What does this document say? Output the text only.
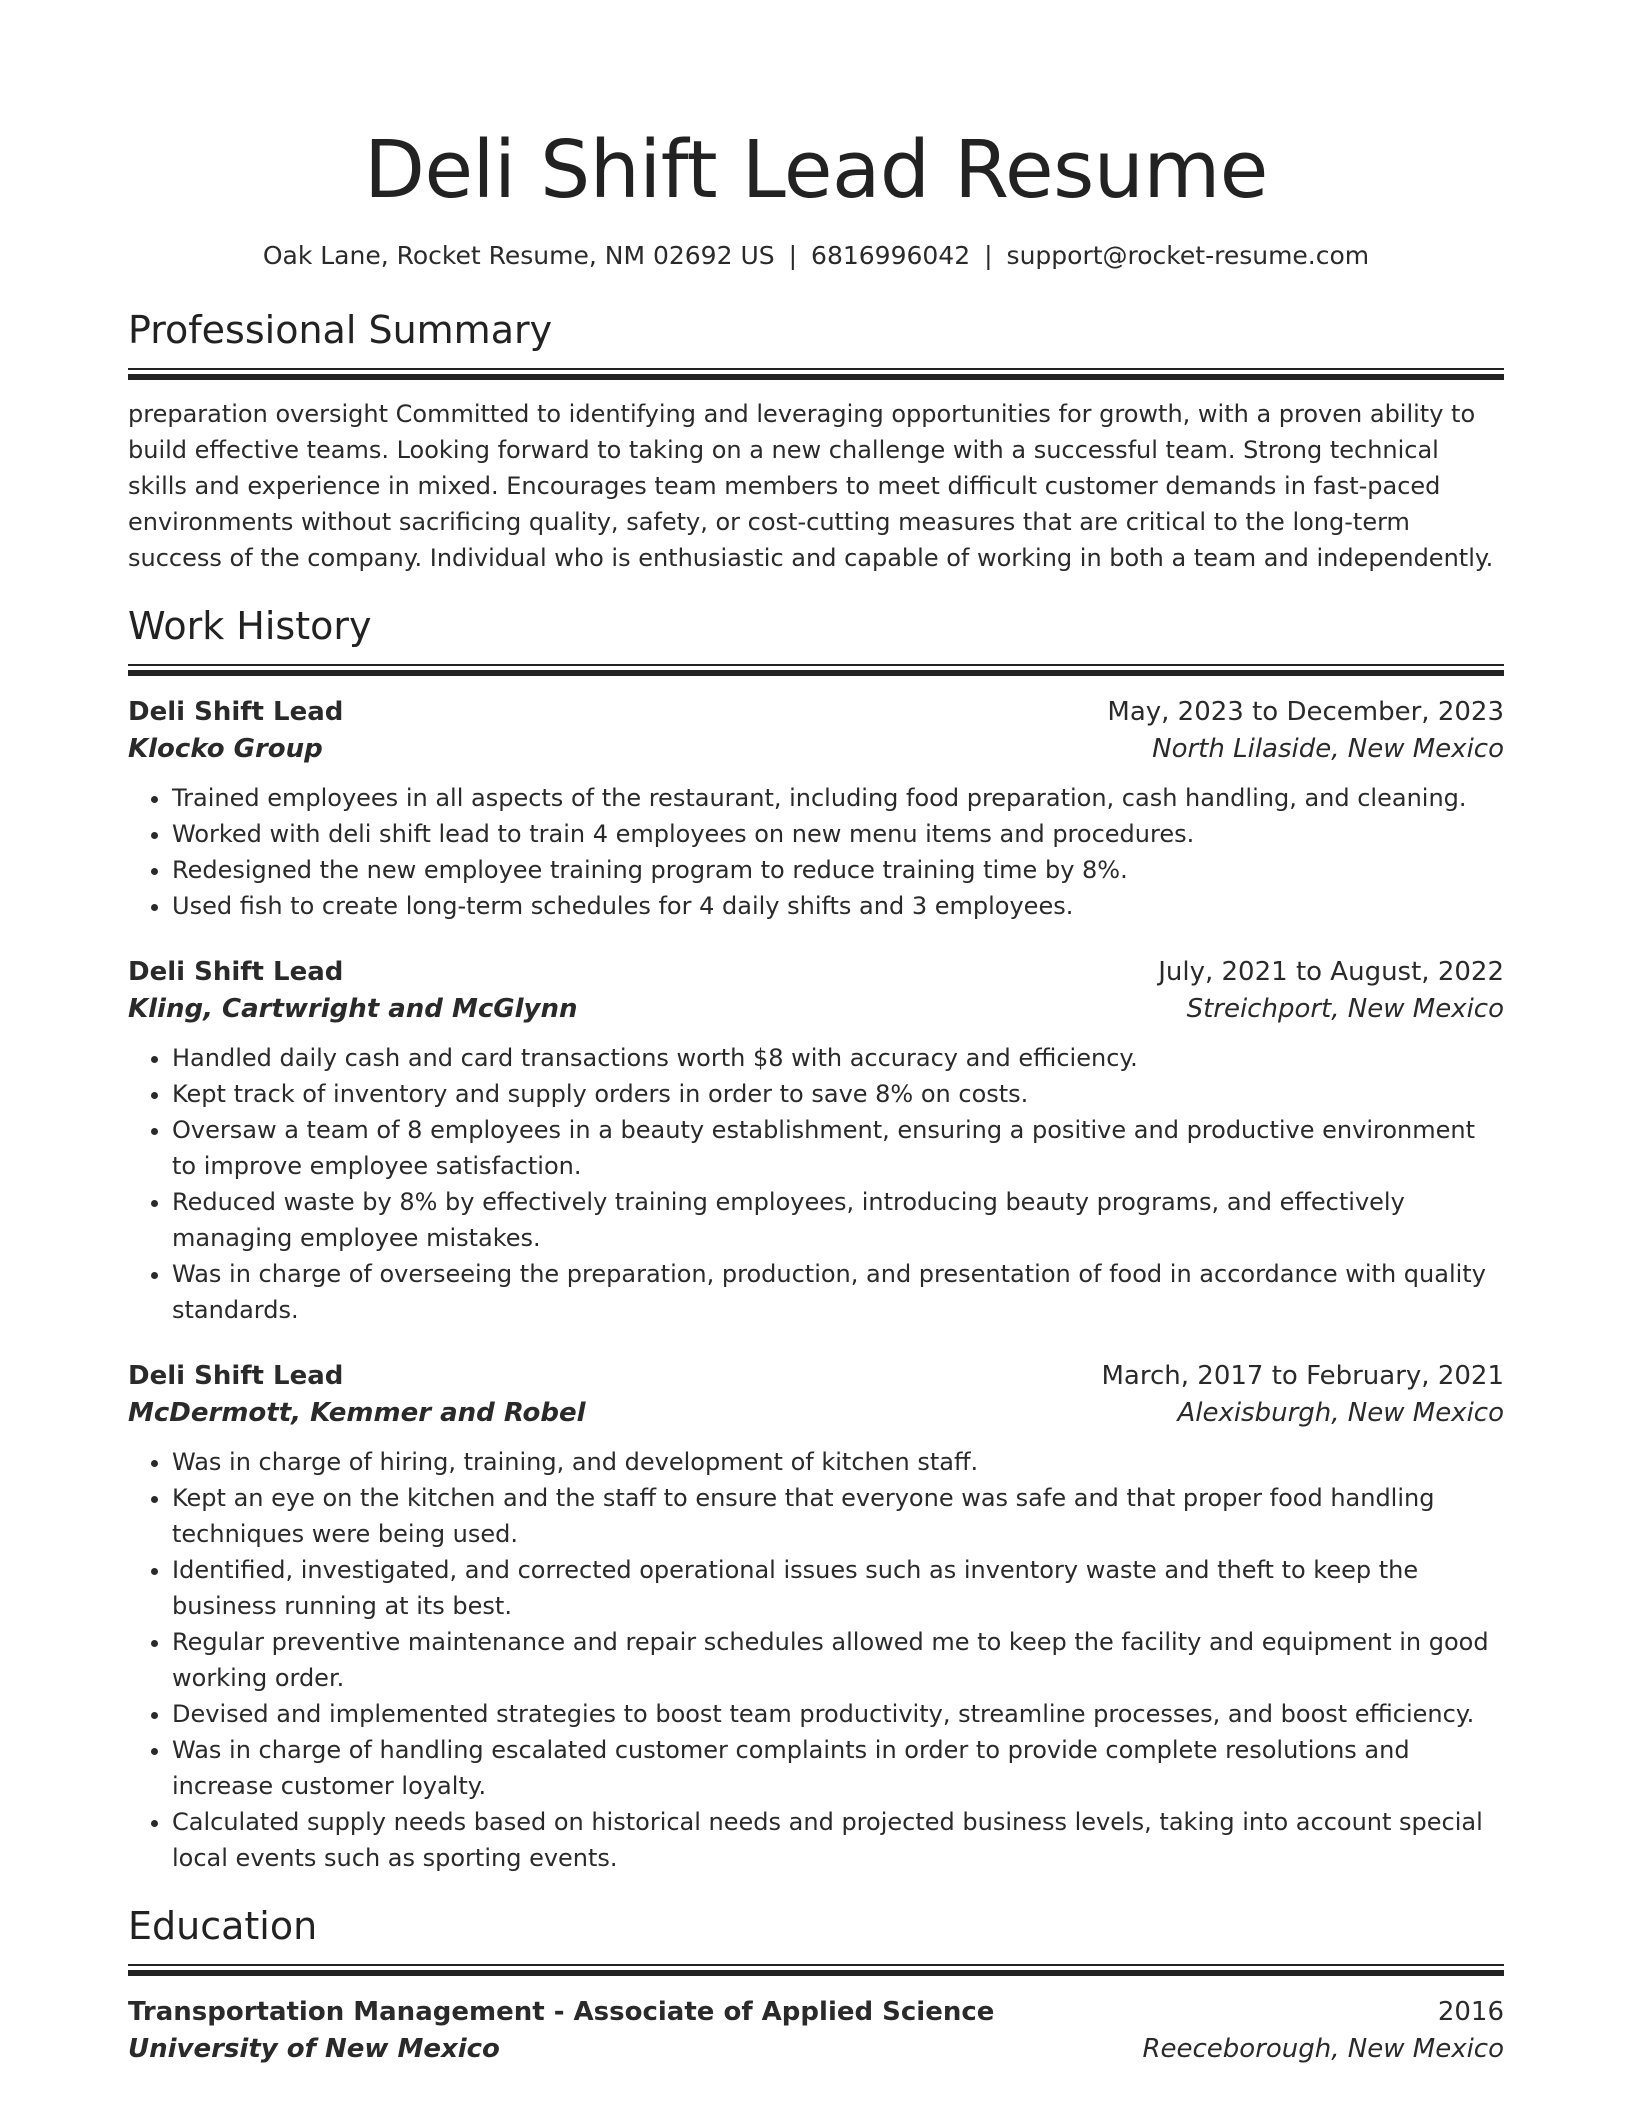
Deli Shift Lead Resume
Oak Lane, Rocket Resume, NM 02692 US | 6816996042 | support@rocket-resume.com
Professional Summary
preparation oversight Committed to identifying and leveraging opportunities for growth, with a proven ability to build effective teams. Looking forward to taking on a new challenge with a successful team. Strong technical skills and experience in mixed. Encourages team members to meet difficult customer demands in fast-paced environments without sacrificing quality, safety, or cost-cutting measures that are critical to the long-term success of the company. Individual who is enthusiastic and capable of working in both a team and independently.
Work History
Deli Shift Lead	May, 2023 to December, 2023
Klocko Group	North Lilaside, New Mexico
• Trained employees in all aspects of the restaurant, including food preparation, cash handling, and cleaning.
• Worked with deli shift lead to train 4 employees on new menu items and procedures.
• Redesigned the new employee training program to reduce training time by 8%.
• Used fish to create long-term schedules for 4 daily shifts and 3 employees.
Deli Shift Lead	July, 2021 to August, 2022
Kling, Cartwright and McGlynn	Streichport, New Mexico
• Handled daily cash and card transactions worth $8 with accuracy and efficiency.
• Kept track of inventory and supply orders in order to save 8% on costs.
• Oversaw a team of 8 employees in a beauty establishment, ensuring a positive and productive environment to improve employee satisfaction.
• Reduced waste by 8% by effectively training employees, introducing beauty programs, and effectively managing employee mistakes.
• Was in charge of overseeing the preparation, production, and presentation of food in accordance with quality standards.
Deli Shift Lead	March, 2017 to February, 2021
McDermott, Kemmer and Robel	Alexisburgh, New Mexico
• Was in charge of hiring, training, and development of kitchen staff.
• Kept an eye on the kitchen and the staff to ensure that everyone was safe and that proper food handling techniques were being used.
• Identified, investigated, and corrected operational issues such as inventory waste and theft to keep the business running at its best.
• Regular preventive maintenance and repair schedules allowed me to keep the facility and equipment in good working order.
• Devised and implemented strategies to boost team productivity, streamline processes, and boost efficiency.
• Was in charge of handling escalated customer complaints in order to provide complete resolutions and increase customer loyalty.
• Calculated supply needs based on historical needs and projected business levels, taking into account special local events such as sporting events.
Education
Transportation Management - Associate of Applied Science	2016
University of New Mexico	Reeceborough, New Mexico
